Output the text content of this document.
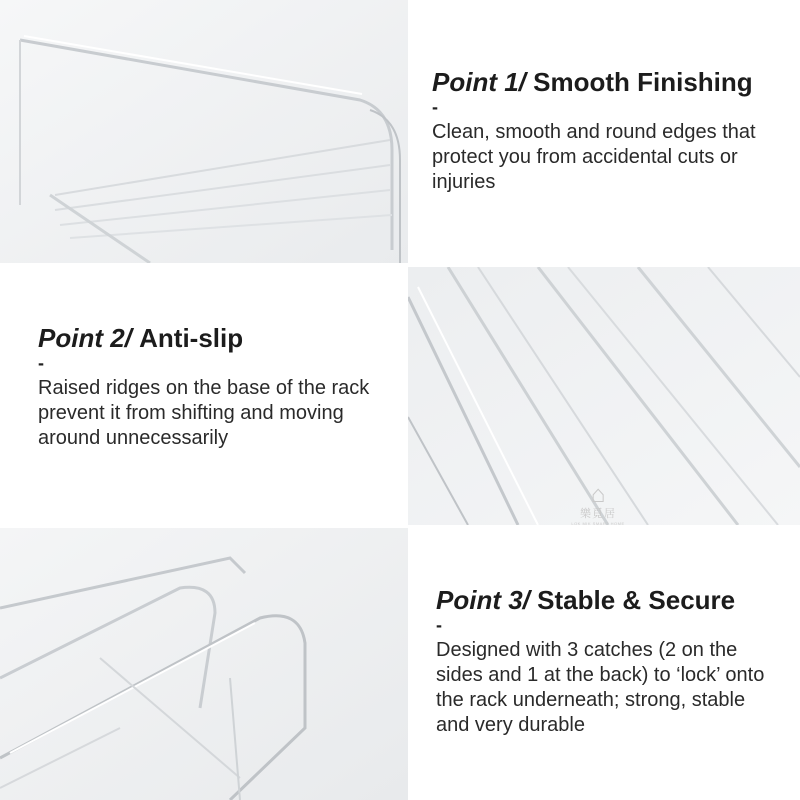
Point 1/ Smooth Finishing
-
Clean, smooth and round edges that protect you from accidental cuts or injuries
Point 2/ Anti-slip
-
Raised ridges on the base of the rack prevent it from shifting and moving around unnecessarily
⌂
樂覓居
LOK MIK SMART HOME
Point 3/ Stable & Secure
-
Designed with 3 catches (2 on the sides and 1 at the back) to ‘lock’ onto the rack underneath; strong, stable and very durable
